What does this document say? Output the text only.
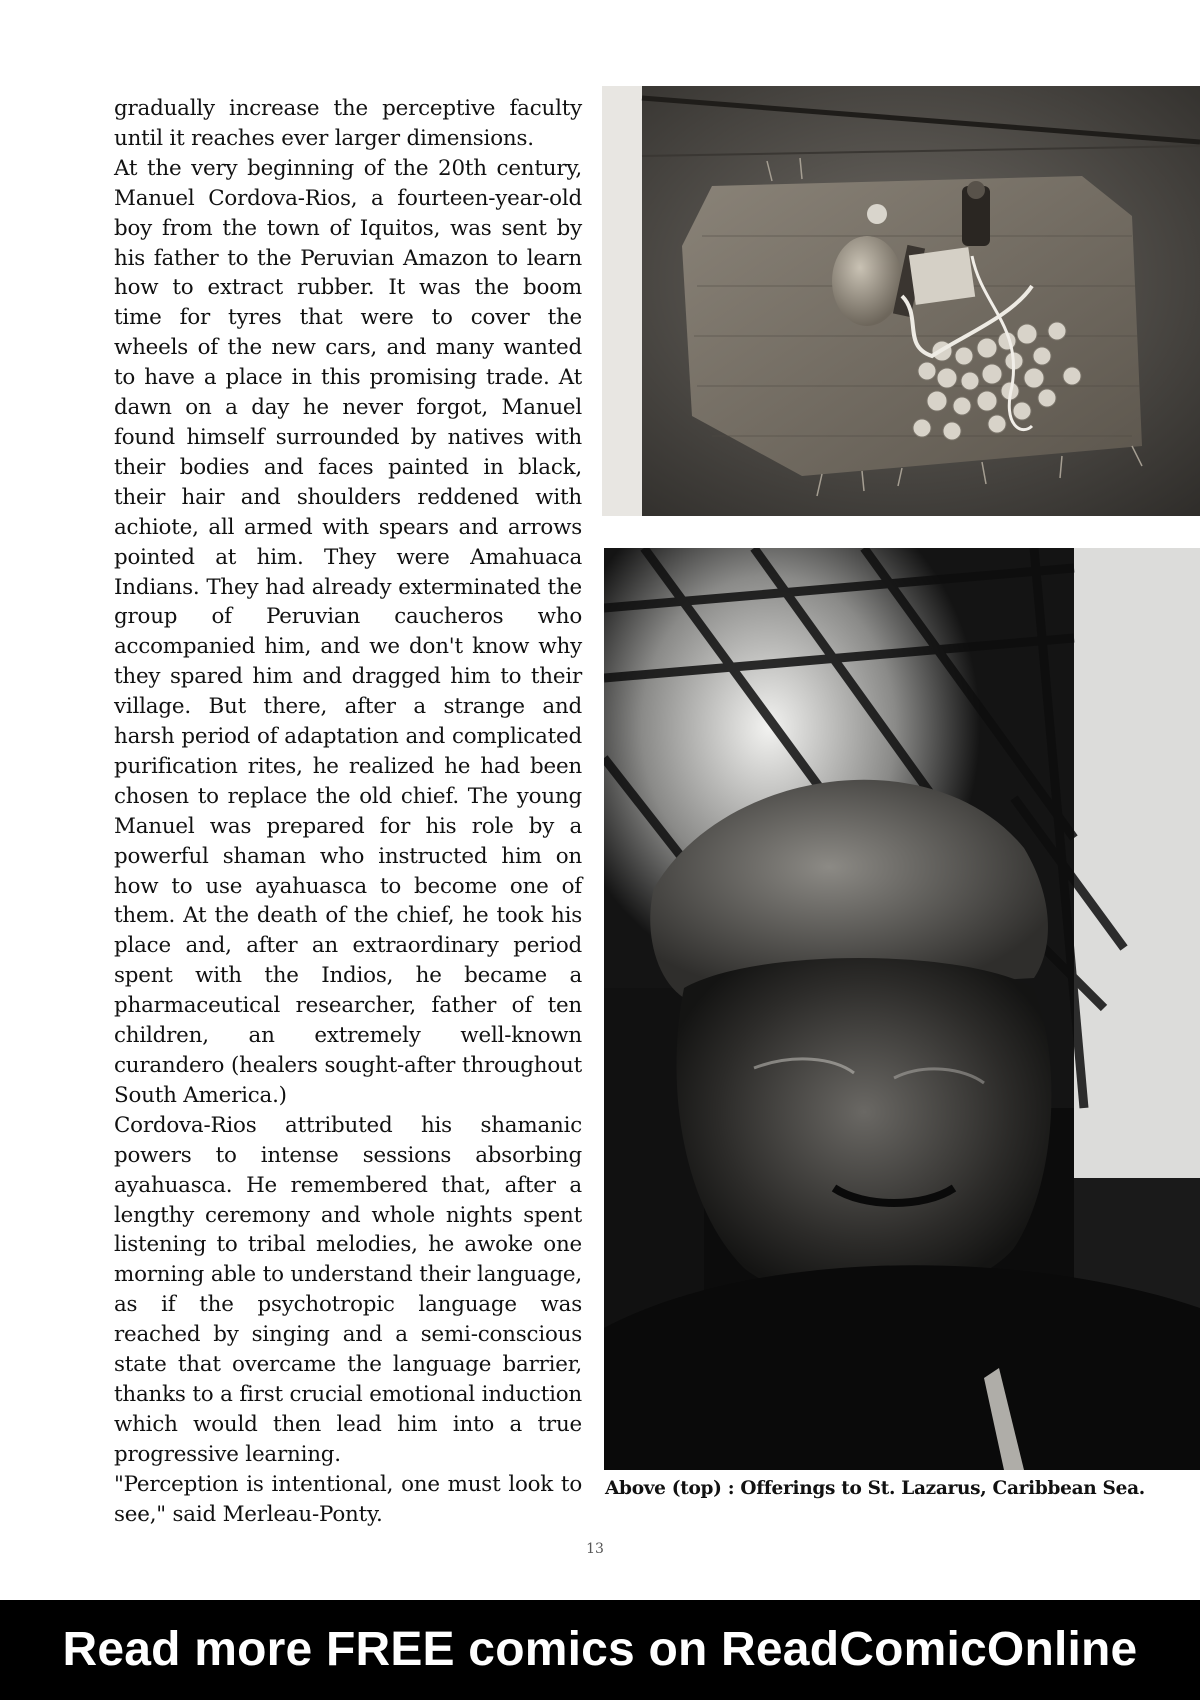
gradually increase the perceptive faculty until it reaches ever larger dimensions.

At the very beginning of the 20th century, Manuel Cordova-Rios, a fourteen-year-old boy from the town of Iquitos, was sent by his father to the Peruvian Amazon to learn how to extract rubber. It was the boom time for tyres that were to cover the wheels of the new cars, and many wanted to have a place in this promising trade. At dawn on a day he never forgot, Manuel found himself surrounded by natives with their bodies and faces painted in black, their hair and shoulders reddened with achiote, all armed with spears and arrows pointed at him. They were Amahuaca Indians. They had already exterminated the group of Peruvian caucheros who accompanied him, and we don't know why they spared him and dragged him to their village. But there, after a strange and harsh period of adaptation and complicated purification rites, he realized he had been chosen to replace the old chief. The young Manuel was prepared for his role by a powerful shaman who instructed him on how to use ayahuasca to become one of them. At the death of the chief, he took his place and, after an extraordinary period spent with the Indios, he became a pharmaceutical researcher, father of ten children, an extremely well-known curandero (healers sought-after throughout South America.)

Cordova-Rios attributed his shamanic powers to intense sessions absorbing ayahuasca. He remembered that, after a lengthy ceremony and whole nights spent listening to tribal melodies, he awoke one morning able to understand their language, as if the psychotropic language was reached by singing and a semi-conscious state that overcame the language barrier, thanks to a first crucial emotional induction which would then lead him into a true progressive learning.

"Perception is intentional, one must look to see," said Merleau-Ponty.

Above (top) : Offerings to St. Lazarus, Caribbean Sea.
13
Read more FREE comics on ReadComicOnline
